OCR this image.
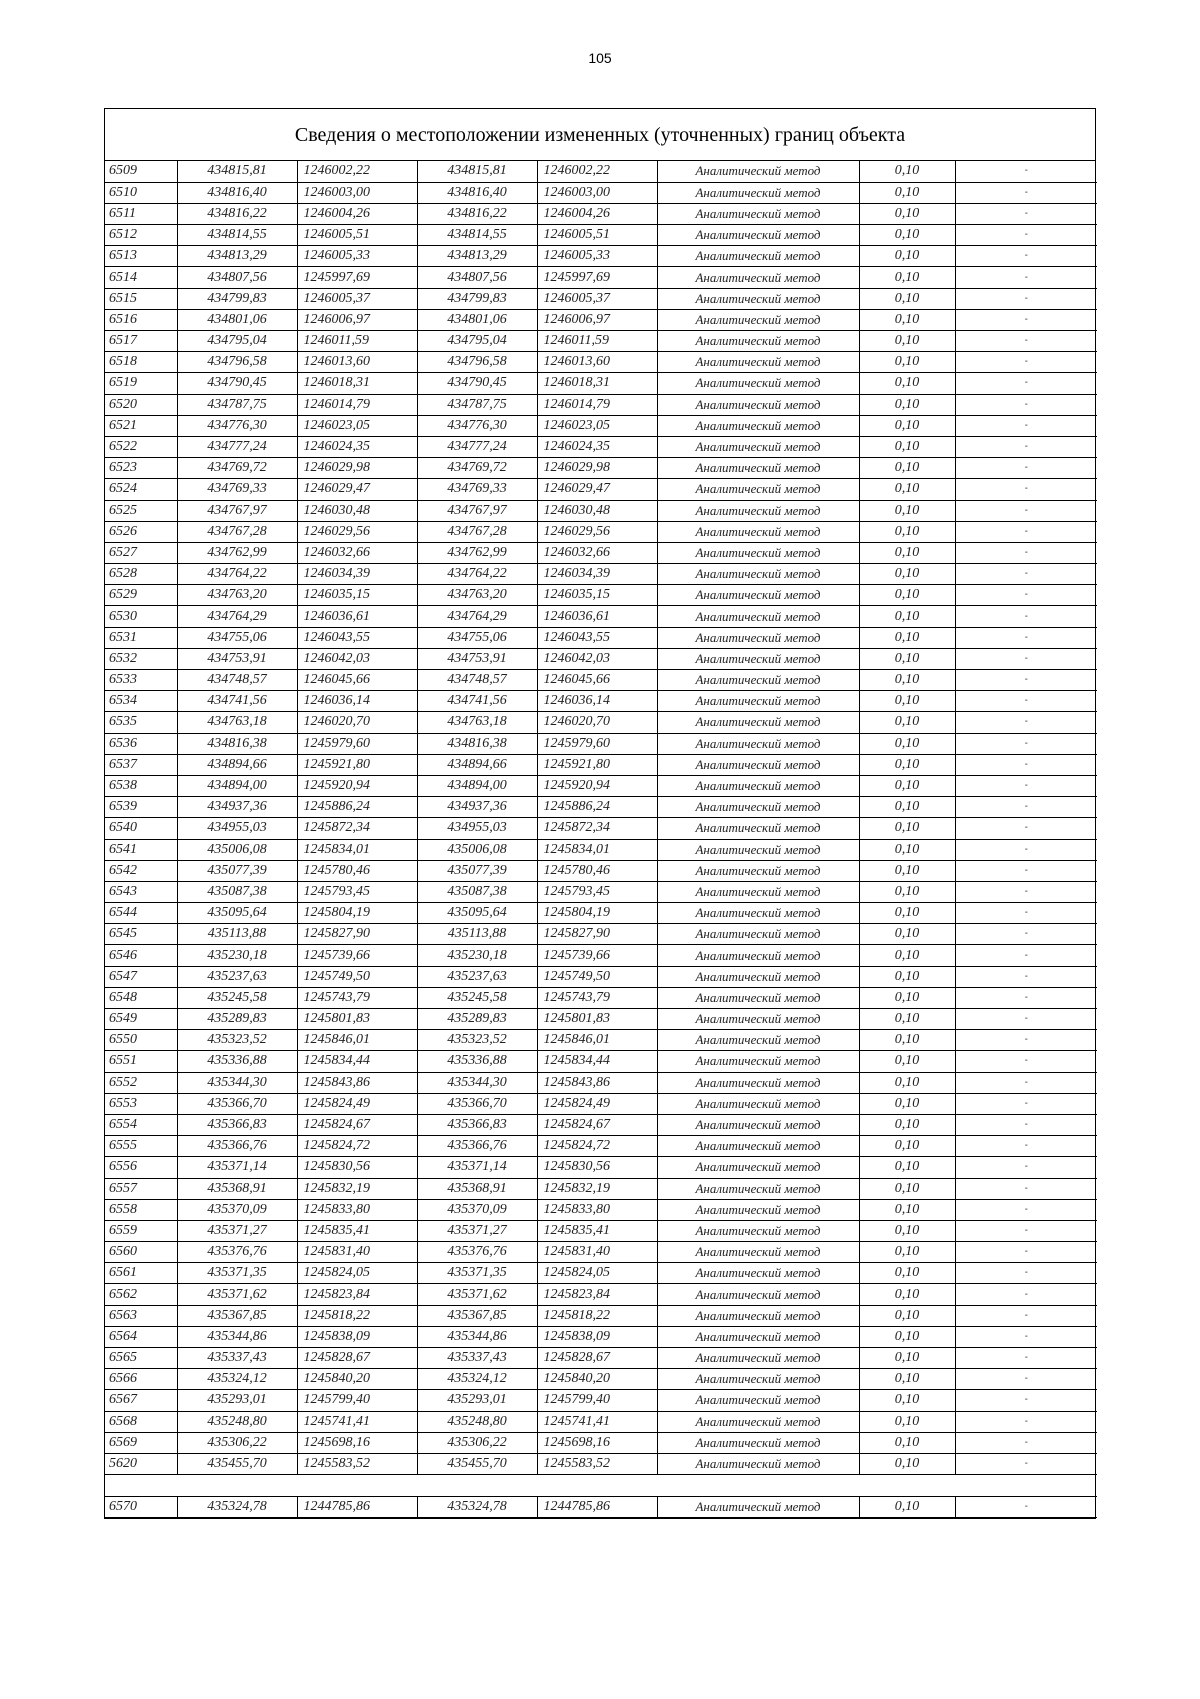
105
Сведения о местоположении измененных (уточненных) границ объекта
6509	434815,81	1246002,22	434815,81	1246002,22	Аналитический метод	0,10	-
6510	434816,40	1246003,00	434816,40	1246003,00	Аналитический метод	0,10	-
6511	434816,22	1246004,26	434816,22	1246004,26	Аналитический метод	0,10	-
6512	434814,55	1246005,51	434814,55	1246005,51	Аналитический метод	0,10	-
6513	434813,29	1246005,33	434813,29	1246005,33	Аналитический метод	0,10	-
6514	434807,56	1245997,69	434807,56	1245997,69	Аналитический метод	0,10	-
6515	434799,83	1246005,37	434799,83	1246005,37	Аналитический метод	0,10	-
6516	434801,06	1246006,97	434801,06	1246006,97	Аналитический метод	0,10	-
6517	434795,04	1246011,59	434795,04	1246011,59	Аналитический метод	0,10	-
6518	434796,58	1246013,60	434796,58	1246013,60	Аналитический метод	0,10	-
6519	434790,45	1246018,31	434790,45	1246018,31	Аналитический метод	0,10	-
6520	434787,75	1246014,79	434787,75	1246014,79	Аналитический метод	0,10	-
6521	434776,30	1246023,05	434776,30	1246023,05	Аналитический метод	0,10	-
6522	434777,24	1246024,35	434777,24	1246024,35	Аналитический метод	0,10	-
6523	434769,72	1246029,98	434769,72	1246029,98	Аналитический метод	0,10	-
6524	434769,33	1246029,47	434769,33	1246029,47	Аналитический метод	0,10	-
6525	434767,97	1246030,48	434767,97	1246030,48	Аналитический метод	0,10	-
6526	434767,28	1246029,56	434767,28	1246029,56	Аналитический метод	0,10	-
6527	434762,99	1246032,66	434762,99	1246032,66	Аналитический метод	0,10	-
6528	434764,22	1246034,39	434764,22	1246034,39	Аналитический метод	0,10	-
6529	434763,20	1246035,15	434763,20	1246035,15	Аналитический метод	0,10	-
6530	434764,29	1246036,61	434764,29	1246036,61	Аналитический метод	0,10	-
6531	434755,06	1246043,55	434755,06	1246043,55	Аналитический метод	0,10	-
6532	434753,91	1246042,03	434753,91	1246042,03	Аналитический метод	0,10	-
6533	434748,57	1246045,66	434748,57	1246045,66	Аналитический метод	0,10	-
6534	434741,56	1246036,14	434741,56	1246036,14	Аналитический метод	0,10	-
6535	434763,18	1246020,70	434763,18	1246020,70	Аналитический метод	0,10	-
6536	434816,38	1245979,60	434816,38	1245979,60	Аналитический метод	0,10	-
6537	434894,66	1245921,80	434894,66	1245921,80	Аналитический метод	0,10	-
6538	434894,00	1245920,94	434894,00	1245920,94	Аналитический метод	0,10	-
6539	434937,36	1245886,24	434937,36	1245886,24	Аналитический метод	0,10	-
6540	434955,03	1245872,34	434955,03	1245872,34	Аналитический метод	0,10	-
6541	435006,08	1245834,01	435006,08	1245834,01	Аналитический метод	0,10	-
6542	435077,39	1245780,46	435077,39	1245780,46	Аналитический метод	0,10	-
6543	435087,38	1245793,45	435087,38	1245793,45	Аналитический метод	0,10	-
6544	435095,64	1245804,19	435095,64	1245804,19	Аналитический метод	0,10	-
6545	435113,88	1245827,90	435113,88	1245827,90	Аналитический метод	0,10	-
6546	435230,18	1245739,66	435230,18	1245739,66	Аналитический метод	0,10	-
6547	435237,63	1245749,50	435237,63	1245749,50	Аналитический метод	0,10	-
6548	435245,58	1245743,79	435245,58	1245743,79	Аналитический метод	0,10	-
6549	435289,83	1245801,83	435289,83	1245801,83	Аналитический метод	0,10	-
6550	435323,52	1245846,01	435323,52	1245846,01	Аналитический метод	0,10	-
6551	435336,88	1245834,44	435336,88	1245834,44	Аналитический метод	0,10	-
6552	435344,30	1245843,86	435344,30	1245843,86	Аналитический метод	0,10	-
6553	435366,70	1245824,49	435366,70	1245824,49	Аналитический метод	0,10	-
6554	435366,83	1245824,67	435366,83	1245824,67	Аналитический метод	0,10	-
6555	435366,76	1245824,72	435366,76	1245824,72	Аналитический метод	0,10	-
6556	435371,14	1245830,56	435371,14	1245830,56	Аналитический метод	0,10	-
6557	435368,91	1245832,19	435368,91	1245832,19	Аналитический метод	0,10	-
6558	435370,09	1245833,80	435370,09	1245833,80	Аналитический метод	0,10	-
6559	435371,27	1245835,41	435371,27	1245835,41	Аналитический метод	0,10	-
6560	435376,76	1245831,40	435376,76	1245831,40	Аналитический метод	0,10	-
6561	435371,35	1245824,05	435371,35	1245824,05	Аналитический метод	0,10	-
6562	435371,62	1245823,84	435371,62	1245823,84	Аналитический метод	0,10	-
6563	435367,85	1245818,22	435367,85	1245818,22	Аналитический метод	0,10	-
6564	435344,86	1245838,09	435344,86	1245838,09	Аналитический метод	0,10	-
6565	435337,43	1245828,67	435337,43	1245828,67	Аналитический метод	0,10	-
6566	435324,12	1245840,20	435324,12	1245840,20	Аналитический метод	0,10	-
6567	435293,01	1245799,40	435293,01	1245799,40	Аналитический метод	0,10	-
6568	435248,80	1245741,41	435248,80	1245741,41	Аналитический метод	0,10	-
6569	435306,22	1245698,16	435306,22	1245698,16	Аналитический метод	0,10	-
5620	435455,70	1245583,52	435455,70	1245583,52	Аналитический метод	0,10	-

6570	435324,78	1244785,86	435324,78	1244785,86	Аналитический метод	0,10	-
